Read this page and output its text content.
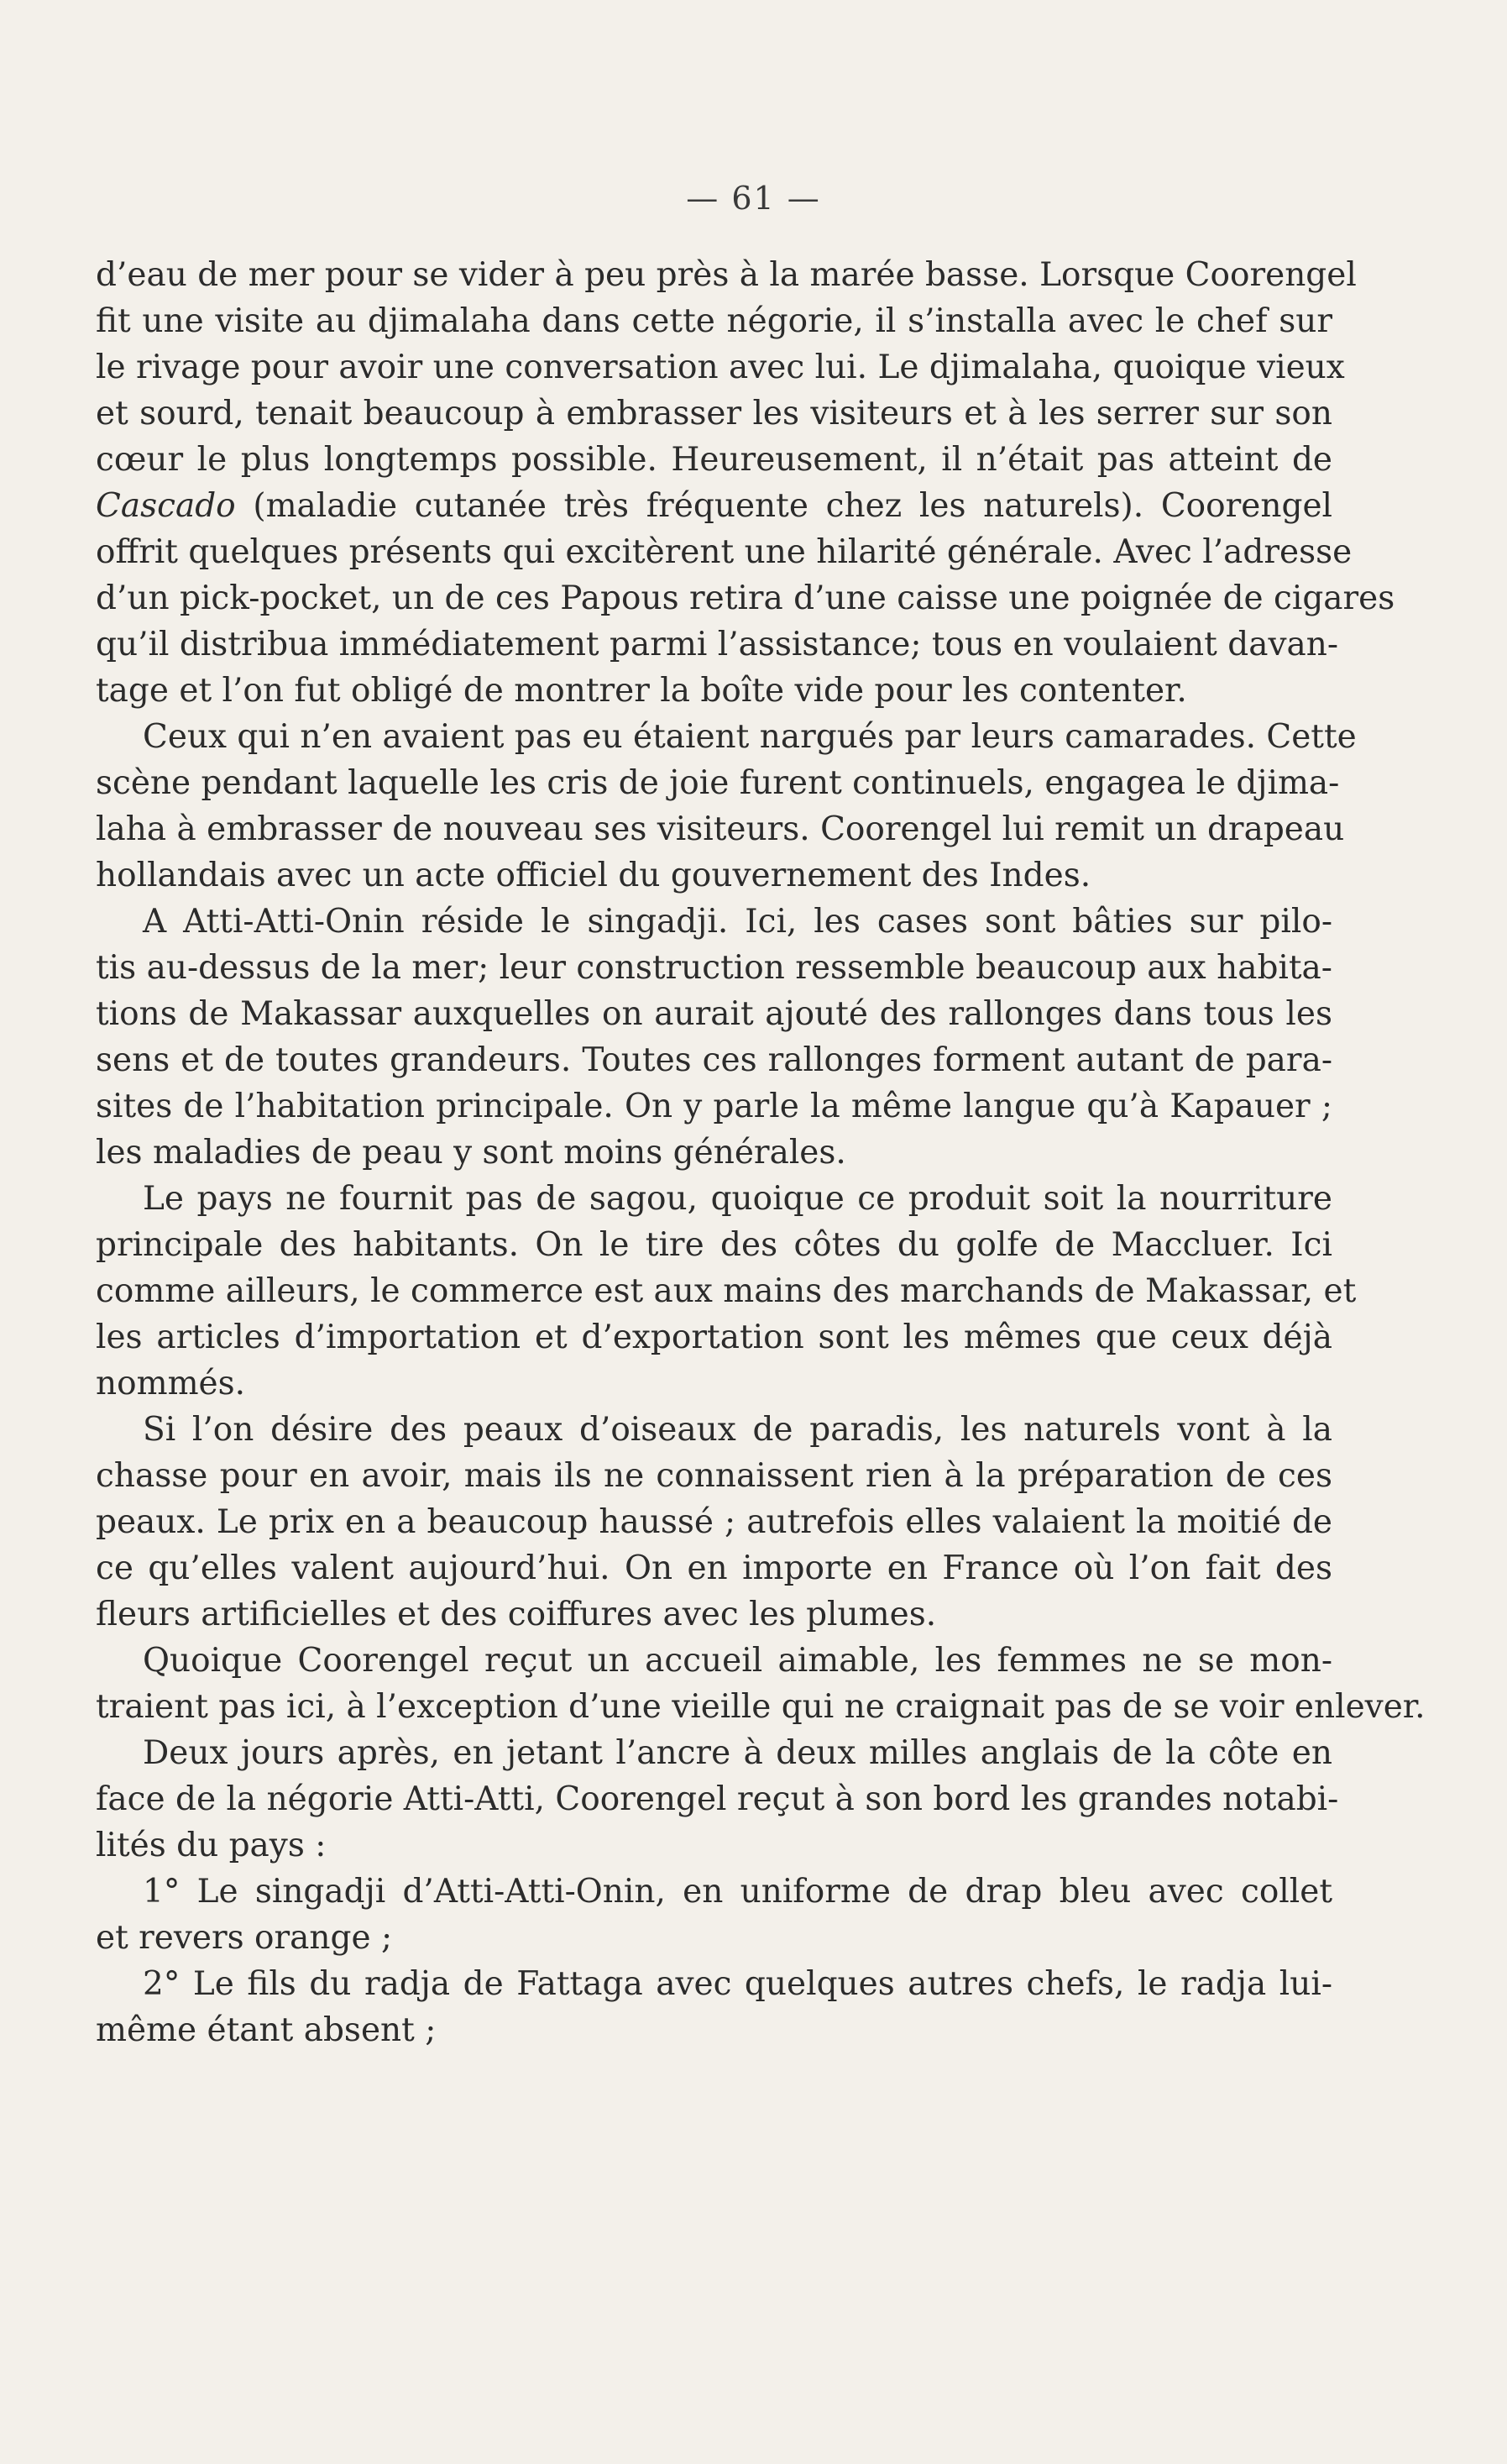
— 61 —
d’eau de mer pour se vider à peu près à la marée basse. Lorsque Coorengel
fit une visite au djimalaha dans cette négorie, il s’installa avec le chef sur
le rivage pour avoir une conversation avec lui. Le djimalaha, quoique vieux
et sourd, tenait beaucoup à embrasser les visiteurs et à les serrer sur son
cœur le plus longtemps possible. Heureusement, il n’était pas atteint de
Cascado (maladie cutanée très fréquente chez les naturels). Coorengel
offrit quelques présents qui excitèrent une hilarité générale. Avec l’adresse
d’un pick-pocket, un de ces Papous retira d’une caisse une poignée de cigares
qu’il distribua immédiatement parmi l’assistance; tous en voulaient davan-
tage et l’on fut obligé de montrer la boîte vide pour les contenter.
Ceux qui n’en avaient pas eu étaient nargués par leurs camarades. Cette
scène pendant laquelle les cris de joie furent continuels, engagea le djima-
laha à embrasser de nouveau ses visiteurs. Coorengel lui remit un drapeau
hollandais avec un acte officiel du gouvernement des Indes.
A Atti-Atti-Onin réside le singadji. Ici, les cases sont bâties sur pilo-
tis au-dessus de la mer; leur construction ressemble beaucoup aux habita-
tions de Makassar auxquelles on aurait ajouté des rallonges dans tous les
sens et de toutes grandeurs. Toutes ces rallonges forment autant de para-
sites de l’habitation principale. On y parle la même langue qu’à Kapauer ;
les maladies de peau y sont moins générales.
Le pays ne fournit pas de sagou, quoique ce produit soit la nourriture
principale des habitants. On le tire des côtes du golfe de Maccluer. Ici
comme ailleurs, le commerce est aux mains des marchands de Makassar, et
les articles d’importation et d’exportation sont les mêmes que ceux déjà
nommés.
Si l’on désire des peaux d’oiseaux de paradis, les naturels vont à la
chasse pour en avoir, mais ils ne connaissent rien à la préparation de ces
peaux. Le prix en a beaucoup haussé ; autrefois elles valaient la moitié de
ce qu’elles valent aujourd’hui. On en importe en France où l’on fait des
fleurs artificielles et des coiffures avec les plumes.
Quoique Coorengel reçut un accueil aimable, les femmes ne se mon-
traient pas ici, à l’exception d’une vieille qui ne craignait pas de se voir enlever.
Deux jours après, en jetant l’ancre à deux milles anglais de la côte en
face de la négorie Atti-Atti, Coorengel reçut à son bord les grandes notabi-
lités du pays :
1° Le singadji d’Atti-Atti-Onin, en uniforme de drap bleu avec collet
et revers orange ;
2° Le fils du radja de Fattaga avec quelques autres chefs, le radja lui-
même étant absent ;
